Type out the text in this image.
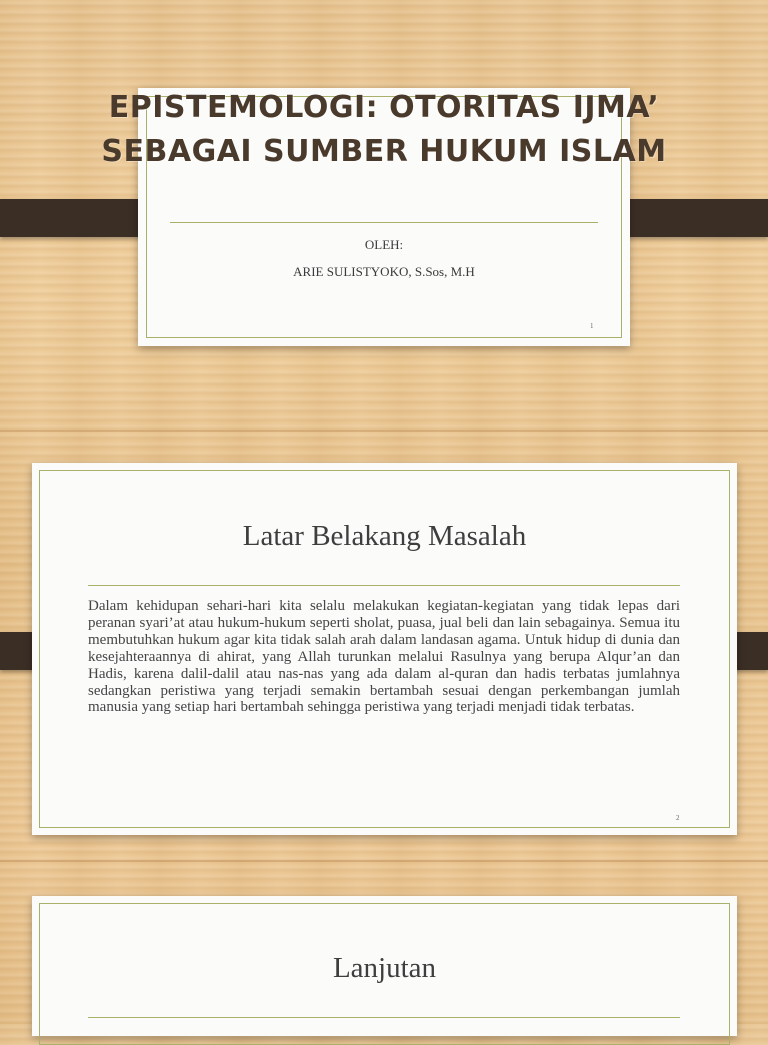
EPISTEMOLOGI: OTORITAS IJMA’
SEBAGAI SUMBER HUKUM ISLAM
OLEH:
ARIE SULISTYOKO, S.Sos, M.H
1
Latar Belakang Masalah

Dalam kehidupan sehari-hari kita selalu melakukan kegiatan-kegiatan yang tidak lepas dari peranan syari’at atau hukum-hukum seperti sholat, puasa, jual beli dan lain sebagainya. Semua itu membutuhkan hukum agar kita tidak salah arah dalam landasan agama. Untuk hidup di dunia dan kesejahteraannya di ahirat, yang Allah turunkan melalui Rasulnya yang berupa Alqur’an dan Hadis, karena dalil-dalil atau nas-nas yang ada dalam al-quran dan hadis terbatas jumlahnya sedangkan peristiwa yang terjadi semakin bertambah sesuai dengan perkembangan jumlah manusia yang setiap hari bertambah sehingga peristiwa yang terjadi menjadi tidak terbatas.

2
Lanjutan
